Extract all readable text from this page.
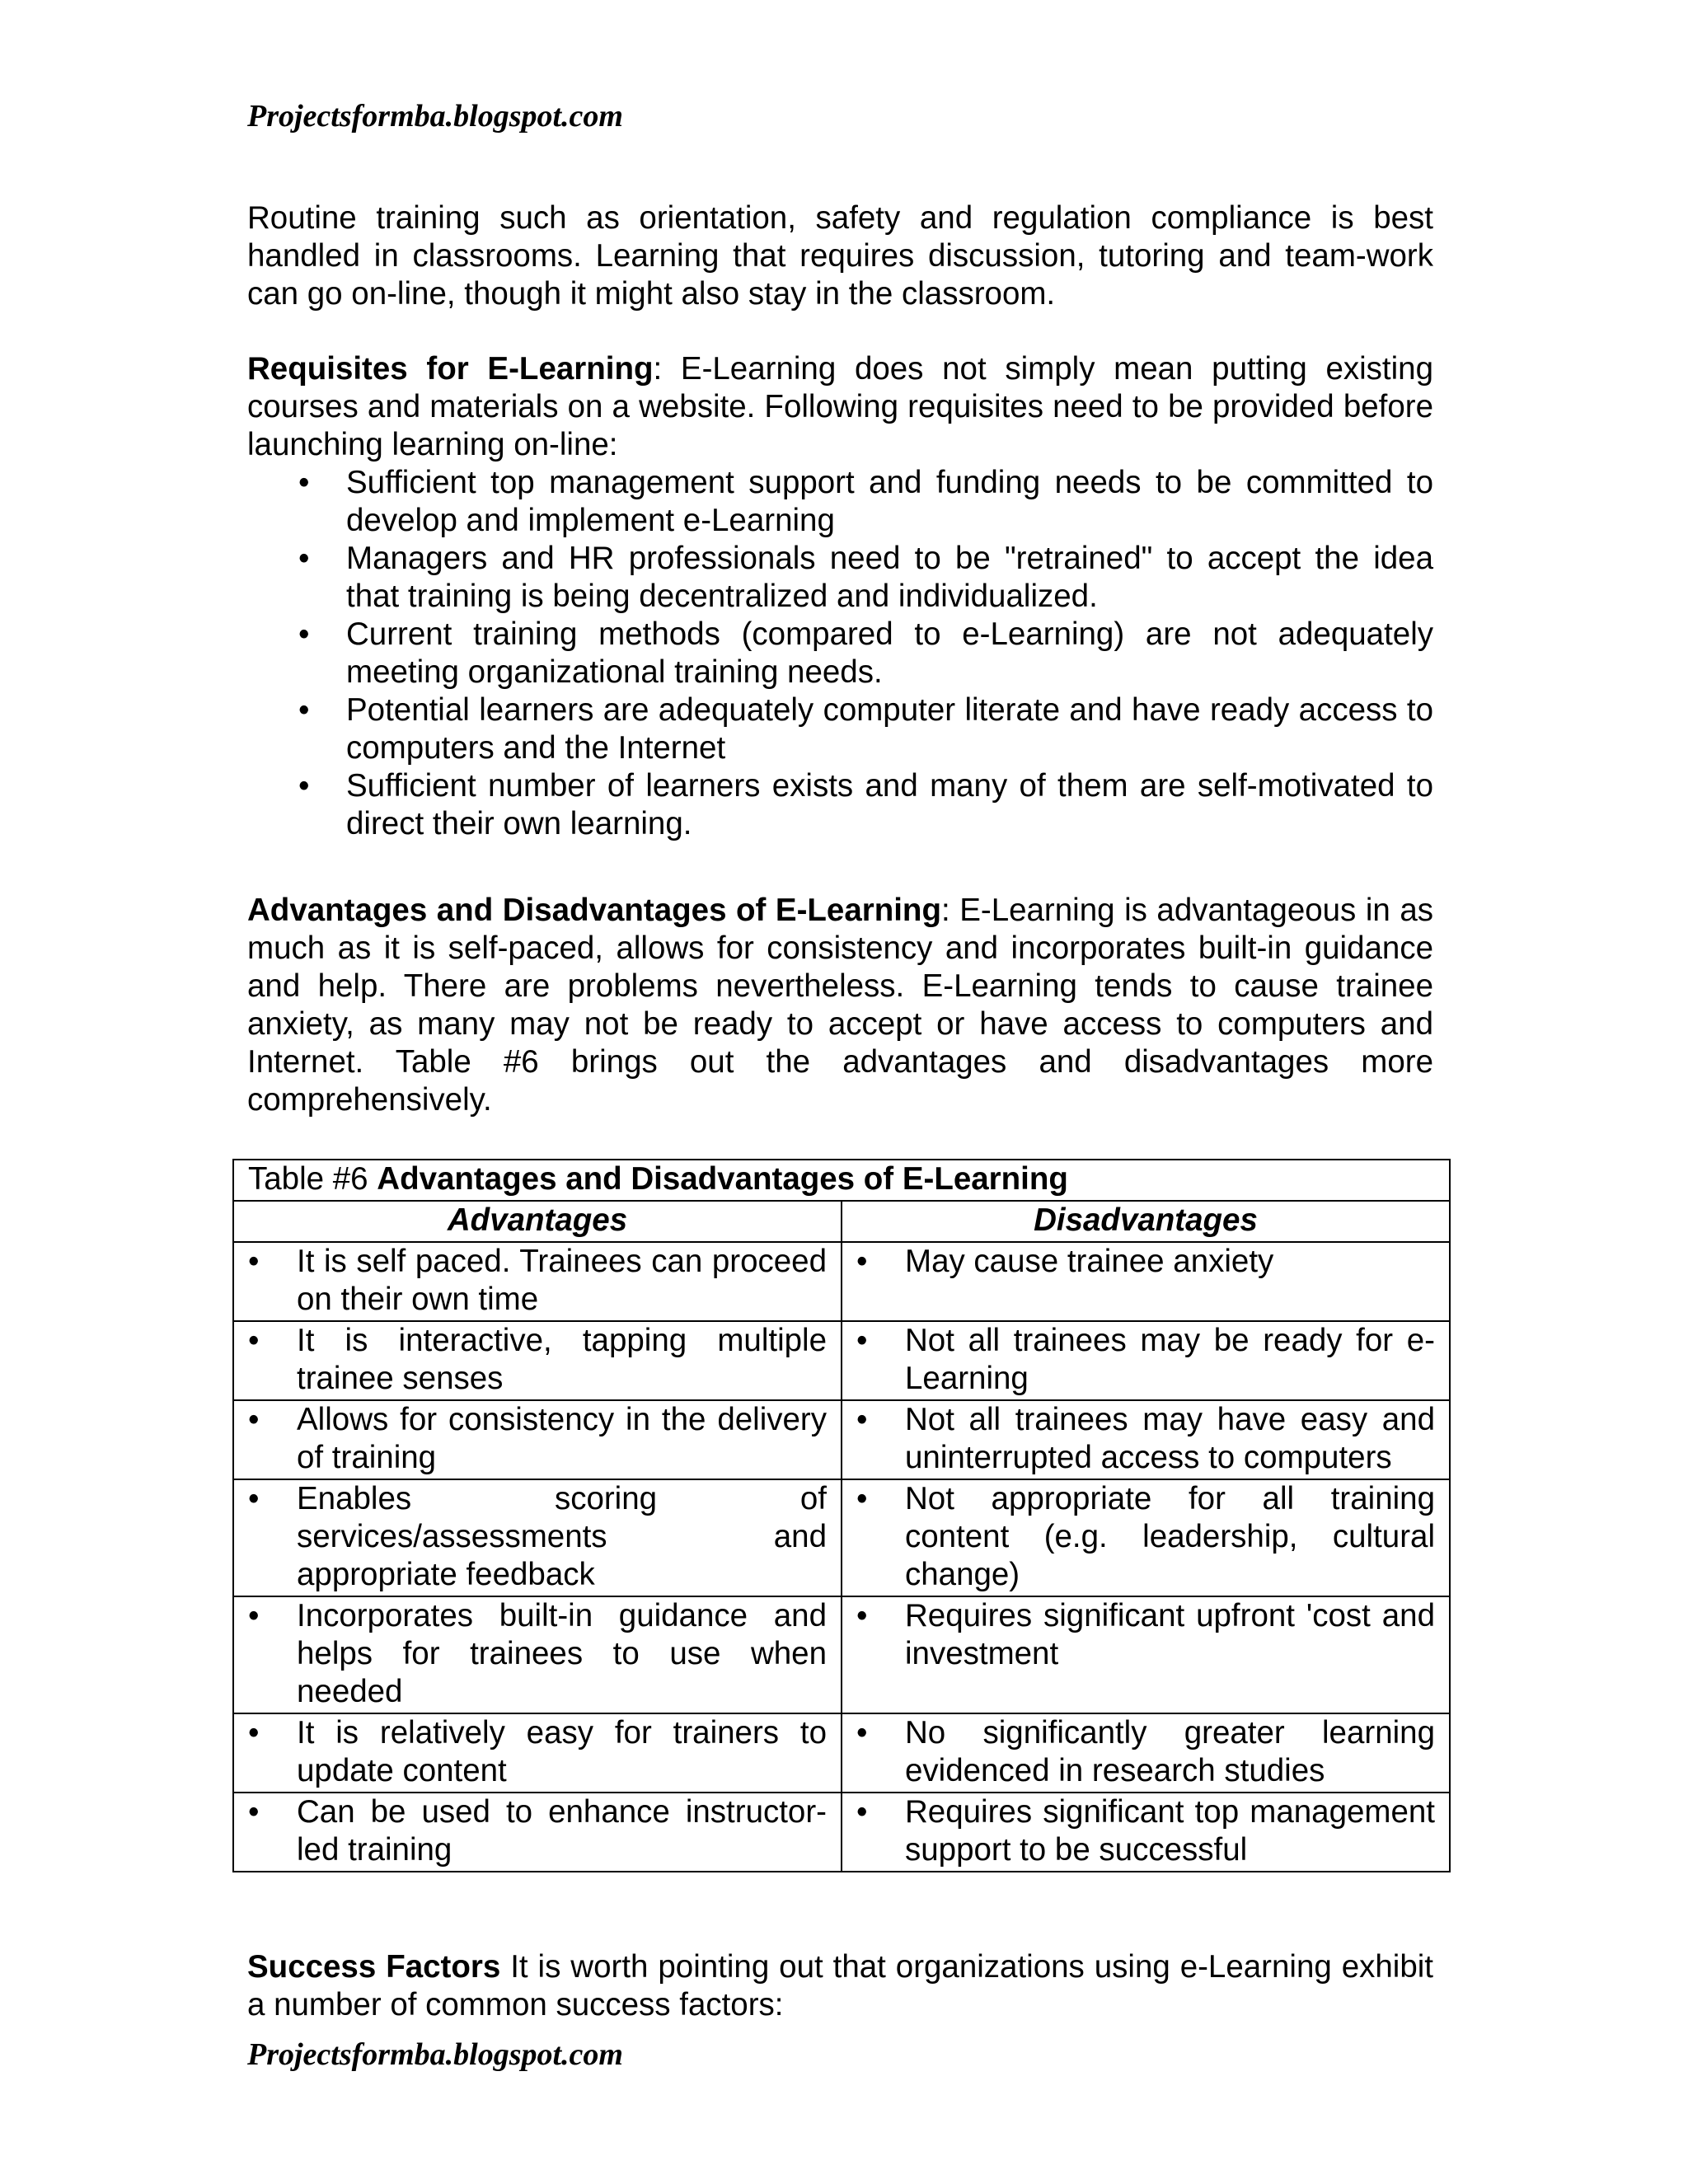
Projectsformba.blogspot.com

Routine training such as orientation, safety and regulation compliance is best handled in classrooms. Learning that requires discussion, tutoring and team-work can go on-line, though it might also stay in the classroom.

Requisites for E-Learning: E-Learning does not simply mean putting existing courses and materials on a website. Following requisites need to be provided before launching learning on-line:

• Sufficient top management support and funding needs to be committed to develop and implement e-Learning
• Managers and HR professionals need to be "retrained" to accept the idea that training is being decentralized and individualized.
• Current training methods (compared to e-Learning) are not adequately meeting organizational training needs.
• Potential learners are adequately computer literate and have ready access to computers and the Internet
• Sufficient number of learners exists and many of them are self-motivated to direct their own learning.

Advantages and Disadvantages of E-Learning: E-Learning is advantageous in as much as it is self-paced, allows for consistency and incorporates built-in guidance and help. There are problems nevertheless. E-Learning tends to cause trainee anxiety, as many may not be ready to accept or have access to computers and Internet. Table #6 brings out the advantages and disadvantages more comprehensively.

Table #6 Advantages and Disadvantages of E-Learning	
Advantages	Disadvantages

• It is self paced. Trainees can proceed on their own time	• May cause trainee anxiety

• It is interactive, tapping multiple trainee senses	• Not all trainees may be ready for e-Learning

• Allows for consistency in the delivery of training	• Not all trainees may have easy and uninterrupted access to computers

• Enables scoring of services/assessments and appropriate feedback	• Not appropriate for all training content (e.g. leadership, cultural change)

• Incorporates built-in guidance and helps for trainees to use when needed	• Requires significant upfront 'cost and investment

• It is relatively easy for trainers to update content	• No significantly greater learning evidenced in research studies

• Can be used to enhance instructor-led training	• Requires significant top management support to be successful

Success Factors It is worth pointing out that organizations using e-Learning exhibit a number of common success factors:

Projectsformba.blogspot.com
